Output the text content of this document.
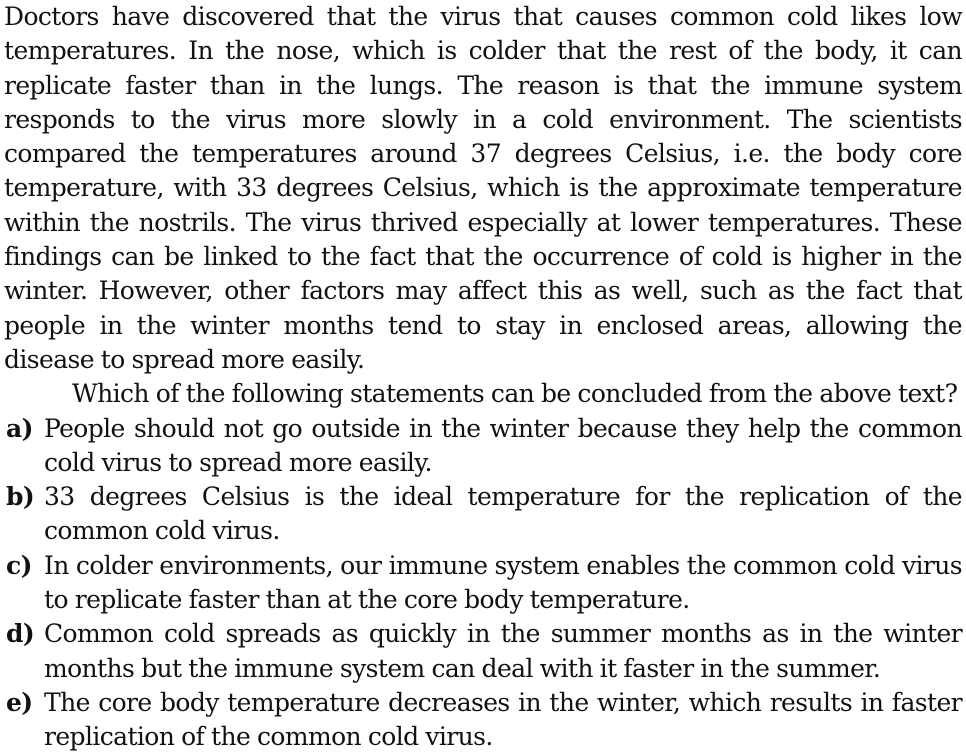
Doctors have discovered that the virus that causes common cold likes low temperatures. In the nose, which is colder that the rest of the body, it can replicate faster than in the lungs. The reason is that the immune system responds to the virus more slowly in a cold environment. The scientists compared the temperatures around 37 degrees Celsius, i.e. the body core temperature, with 33 degrees Celsius, which is the approximate temperature within the nostrils. The virus thrived especially at lower temperatures. These findings can be linked to the fact that the occurrence of cold is higher in the winter. However, other factors may affect this as well, such as the fact that people in the winter months tend to stay in enclosed areas, allowing the disease to spread more easily.

Which of the following statements can be concluded from the above text?

a) People should not go outside in the winter because they help the common cold virus to spread more easily.
b) 33 degrees Celsius is the ideal temperature for the replication of the common cold virus.
c) In colder environments, our immune system enables the common cold virus to replicate faster than at the core body temperature.
d) Common cold spreads as quickly in the summer months as in the winter months but the immune system can deal with it faster in the summer.
e) The core body temperature decreases in the winter, which results in faster replication of the common cold virus.
